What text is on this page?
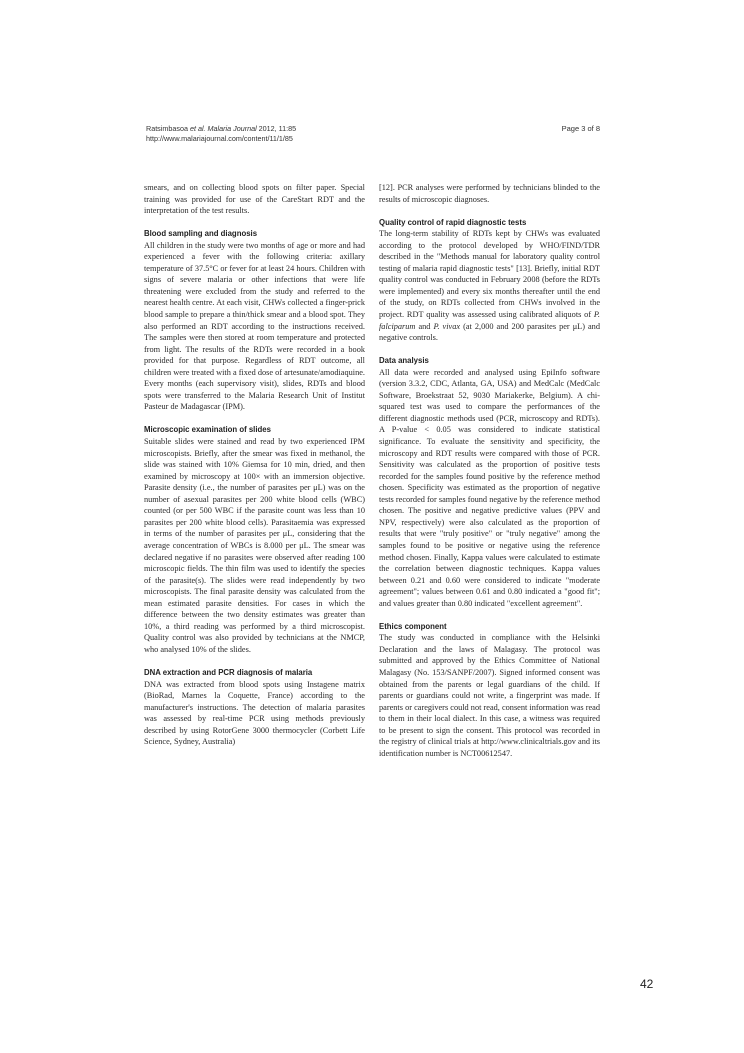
Ratsimbasoa et al. Malaria Journal 2012, 11:85
http://www.malariajournal.com/content/11/1/85
Page 3 of 8

smears, and on collecting blood spots on filter paper. Special training was provided for use of the CareStart RDT and the interpretation of the test results.

Blood sampling and diagnosis

All children in the study were two months of age or more and had experienced a fever with the following criteria: axillary temperature of 37.5°C or fever for at least 24 hours. Children with signs of severe malaria or other infections that were life threatening were excluded from the study and referred to the nearest health centre. At each visit, CHWs collected a finger-prick blood sample to prepare a thin/thick smear and a blood spot. They also performed an RDT according to the instructions received. The samples were then stored at room temperature and protected from light. The results of the RDTs were recorded in a book provided for that purpose. Regardless of RDT outcome, all children were treated with a fixed dose of artesunate/amodiaquine. Every months (each supervisory visit), slides, RDTs and blood spots were transferred to the Malaria Research Unit of Institut Pasteur de Madagascar (IPM).

Microscopic examination of slides

Suitable slides were stained and read by two experienced IPM microscopists. Briefly, after the smear was fixed in methanol, the slide was stained with 10% Giemsa for 10 min, dried, and then examined by microscopy at 100× with an immersion objective. Parasite density (i.e., the number of parasites per μL) was on the number of asexual parasites per 200 white blood cells (WBC) counted (or per 500 WBC if the parasite count was less than 10 parasites per 200 white blood cells). Parasitaemia was expressed in terms of the number of parasites per μL, considering that the average concentration of WBCs is 8.000 per μL. The smear was declared negative if no parasites were observed after reading 100 microscopic fields. The thin film was used to identify the species of the parasite(s). The slides were read independently by two microscopists. The final parasite density was calculated from the mean estimated parasite densities. For cases in which the difference between the two density estimates was greater than 10%, a third reading was performed by a third microscopist. Quality control was also provided by technicians at the NMCP, who analysed 10% of the slides.

DNA extraction and PCR diagnosis of malaria

DNA was extracted from blood spots using Instagene matrix (BioRad, Marnes la Coquette, France) according to the manufacturer's instructions. The detection of malaria parasites was assessed by real-time PCR using methods previously described by using RotorGene 3000 thermocycler (Corbett Life Science, Sydney, Australia)

[12]. PCR analyses were performed by technicians blinded to the results of microscopic diagnoses.

Quality control of rapid diagnostic tests

The long-term stability of RDTs kept by CHWs was evaluated according to the protocol developed by WHO/FIND/TDR described in the "Methods manual for laboratory quality control testing of malaria rapid diagnostic tests" [13]. Briefly, initial RDT quality control was conducted in February 2008 (before the RDTs were implemented) and every six months thereafter until the end of the study, on RDTs collected from CHWs involved in the project. RDT quality was assessed using calibrated aliquots of P. falciparum and P. vivax (at 2,000 and 200 parasites per μL) and negative controls.

Data analysis

All data were recorded and analysed using EpiInfo software (version 3.3.2, CDC, Atlanta, GA, USA) and MedCalc (MedCalc Software, Broekstraat 52, 9030 Mariakerke, Belgium). A chi-squared test was used to compare the performances of the different diagnostic methods used (PCR, microscopy and RDTs). A P-value < 0.05 was considered to indicate statistical significance. To evaluate the sensitivity and specificity, the microscopy and RDT results were compared with those of PCR. Sensitivity was calculated as the proportion of positive tests recorded for the samples found positive by the reference method chosen. Specificity was estimated as the proportion of negative tests recorded for samples found negative by the reference method chosen. The positive and negative predictive values (PPV and NPV, respectively) were also calculated as the proportion of results that were "truly positive" or "truly negative" among the samples found to be positive or negative using the reference method chosen. Finally, Kappa values were calculated to estimate the correlation between diagnostic techniques. Kappa values between 0.21 and 0.60 were considered to indicate "moderate agreement"; values between 0.61 and 0.80 indicated a "good fit"; and values greater than 0.80 indicated "excellent agreement".

Ethics component

The study was conducted in compliance with the Helsinki Declaration and the laws of Malagasy. The protocol was submitted and approved by the Ethics Committee of National Malagasy (No. 153/SANPF/2007). Signed informed consent was obtained from the parents or legal guardians of the child. If parents or guardians could not write, a fingerprint was made. If parents or caregivers could not read, consent information was read to them in their local dialect. In this case, a witness was required to be present to sign the consent. This protocol was recorded in the registry of clinical trials at http://www.clinicaltrials.gov and its identification number is NCT00612547.

42
